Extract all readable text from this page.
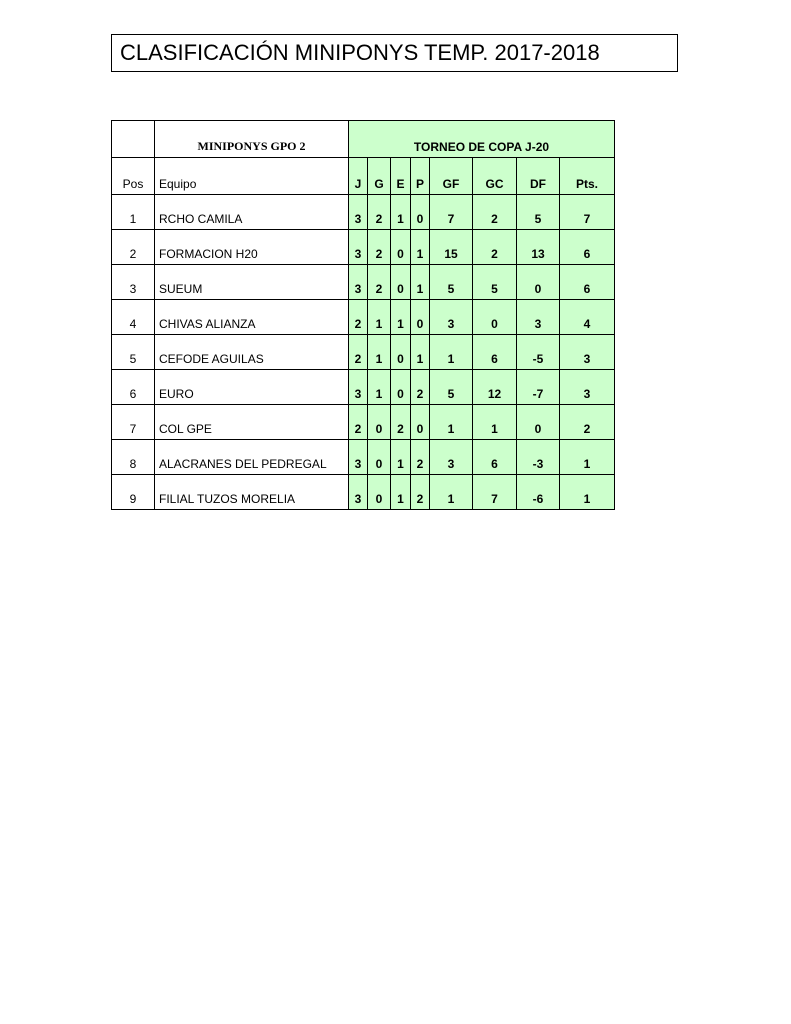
CLASIFICACIÓN MINIPONYS TEMP. 2017-2018
	MINIPONYS GPO 2	TORNEO DE COPA J-20							
Pos	Equipo	J	G	E	P	GF	GC	DF	Pts.
1	RCHO CAMILA	3	2	1	0	7	2	5	7
2	FORMACION H20	3	2	0	1	15	2	13	6
3	SUEUM	3	2	0	1	5	5	0	6
4	CHIVAS ALIANZA	2	1	1	0	3	0	3	4
5	CEFODE AGUILAS	2	1	0	1	1	6	-5	3
6	EURO	3	1	0	2	5	12	-7	3
7	COL GPE	2	0	2	0	1	1	0	2
8	ALACRANES DEL PEDREGAL	3	0	1	2	3	6	-3	1
9	FILIAL TUZOS MORELIA	3	0	1	2	1	7	-6	1
